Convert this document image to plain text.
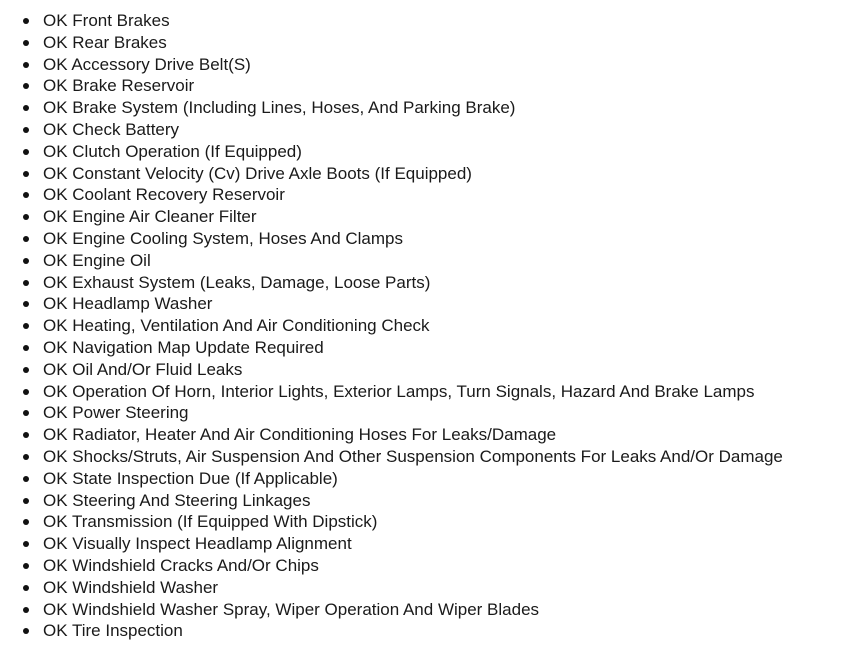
OK Front Brakes
OK Rear Brakes
OK Accessory Drive Belt(S)
OK Brake Reservoir
OK Brake System (Including Lines, Hoses, And Parking Brake)
OK Check Battery
OK Clutch Operation (If Equipped)
OK Constant Velocity (Cv) Drive Axle Boots (If Equipped)
OK Coolant Recovery Reservoir
OK Engine Air Cleaner Filter
OK Engine Cooling System, Hoses And Clamps
OK Engine Oil
OK Exhaust System (Leaks, Damage, Loose Parts)
OK Headlamp Washer
OK Heating, Ventilation And Air Conditioning Check
OK Navigation Map Update Required
OK Oil And/Or Fluid Leaks
OK Operation Of Horn, Interior Lights, Exterior Lamps, Turn Signals, Hazard And Brake Lamps
OK Power Steering
OK Radiator, Heater And Air Conditioning Hoses For Leaks/Damage
OK Shocks/Struts, Air Suspension And Other Suspension Components For Leaks And/Or Damage
OK State Inspection Due (If Applicable)
OK Steering And Steering Linkages
OK Transmission (If Equipped With Dipstick)
OK Visually Inspect Headlamp Alignment
OK Windshield Cracks And/Or Chips
OK Windshield Washer
OK Windshield Washer Spray, Wiper Operation And Wiper Blades
OK Tire Inspection
